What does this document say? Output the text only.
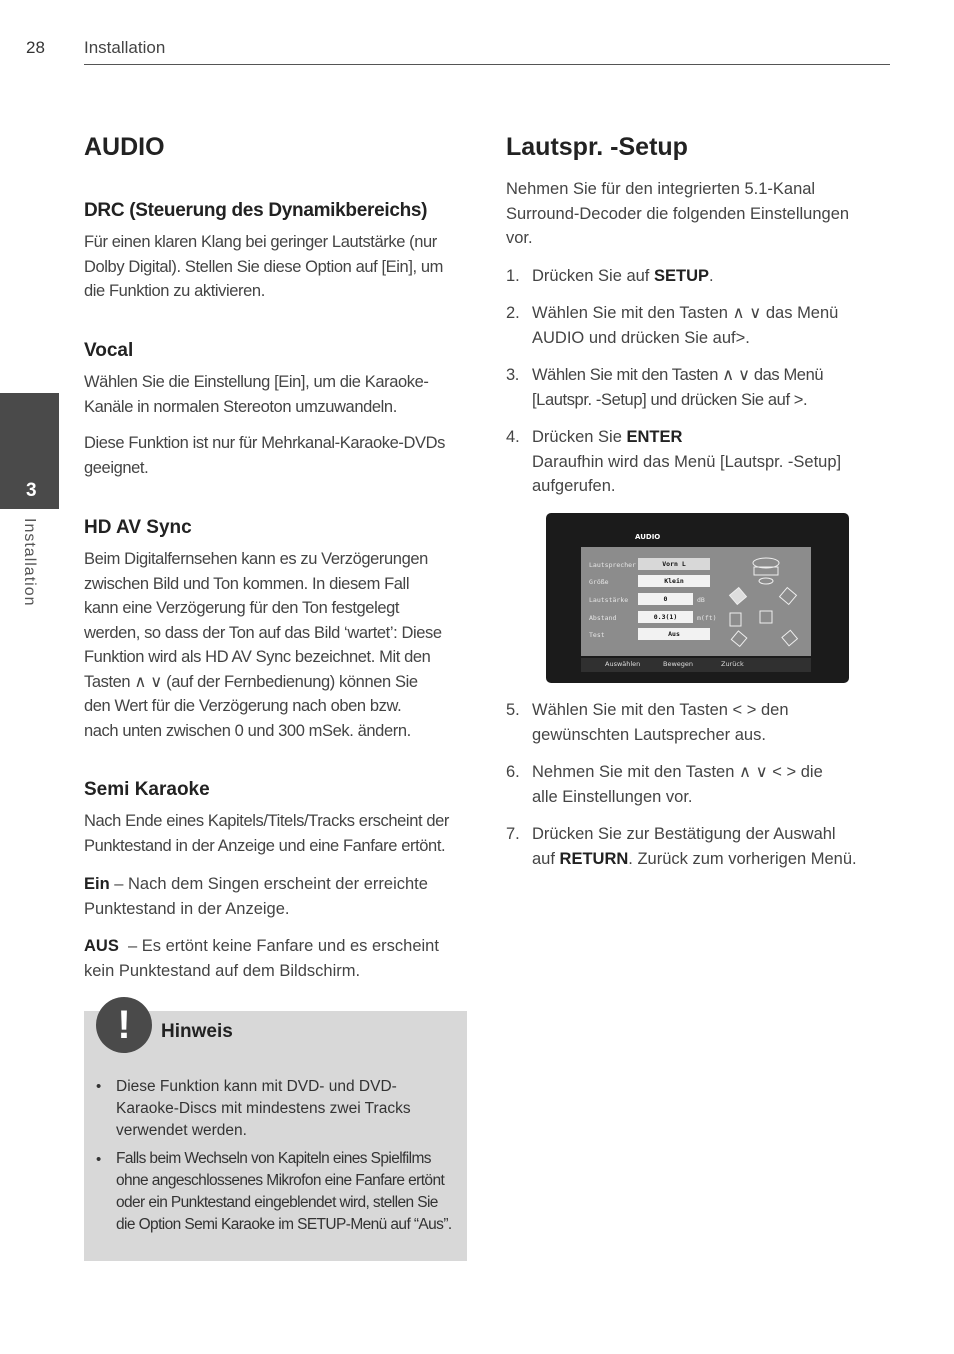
28 Installation
3
Installation
AUDIO
DRC (Steuerung des Dynamikbereichs)

Für einen klaren Klang bei geringer Lautstärke (nur

Dolby Digital). Stellen Sie diese Option auf [Ein], um

die Funktion zu aktivieren.

Vocal

Wählen Sie die Einstellung [Ein], um die Karaoke-

Kanäle in normalen Stereoton umzuwandeln.

Diese Funktion ist nur für Mehrkanal-Karaoke-DVDs

geeignet.

HD AV Sync

Beim Digitalfernsehen kann es zu Verzögerungen

zwischen Bild und Ton kommen. In diesem Fall

kann eine Verzögerung für den Ton festgelegt

werden, so dass der Ton auf das Bild ‘wartet’: Diese

Funktion wird als HD AV Sync bezeichnet. Mit den

Tasten ∧ ∨ (auf der Fernbedienung) können Sie

den Wert für die Verzögerung nach oben bzw.

nach unten zwischen 0 und 300 mSek. ändern.

Semi Karaoke

Nach Ende eines Kapitels/Titels/Tracks erscheint der

Punktestand in der Anzeige und eine Fanfare ertönt.

Ein – Nach dem Singen erscheint der erreichte

Punktestand in der Anzeige.

AUS  – Es ertönt keine Fanfare und es erscheint

kein Punktestand auf dem Bildschirm.

• Diese Funktion kann mit DVD- und DVD-
Karaoke-Discs mit mindestens zwei Tracks
verwendet werden.
• Falls beim Wechseln von Kapiteln eines Spielfilms
ohne angeschlossenes Mikrofon eine Fanfare ertönt
oder ein Punktestand eingeblendet wird, stellen Sie
die Option Semi Karaoke im SETUP-Menü auf “Aus”.
!	Hinweis
Lautspr. -Setup

Nehmen Sie für den integrierten 5.1-Kanal

Surround-Decoder die folgenden Einstellungen

vor.

1. Drücken Sie auf SETUP.
2. Wählen Sie mit den Tasten ∧ ∨ das Menü
AUDIO und drücken Sie auf>.
3. Wählen Sie mit den Tasten ∧ ∨ das Menü
[Lautspr. -Setup] und drücken Sie auf >.
4. Drücken Sie ENTER
Daraufhin wird das Menü [Lautspr. -Setup]
aufgerufen.
5. Wählen Sie mit den Tasten < > den
gewünschten Lautsprecher aus.
6. Nehmen Sie mit den Tasten ∧ ∨ < > die
alle Einstellungen vor.
7. Drücken Sie zur Bestätigung der Auswahl
auf RETURN. Zurück zum vorherigen Menü.
AUDIO
Lautsprecher	Vorn L
Größe	Klein
Lautstärke	0	dB
Abstand	0.3(1)	m(ft)
Test	Aus
Auswählen	Bewegen	Zurück
